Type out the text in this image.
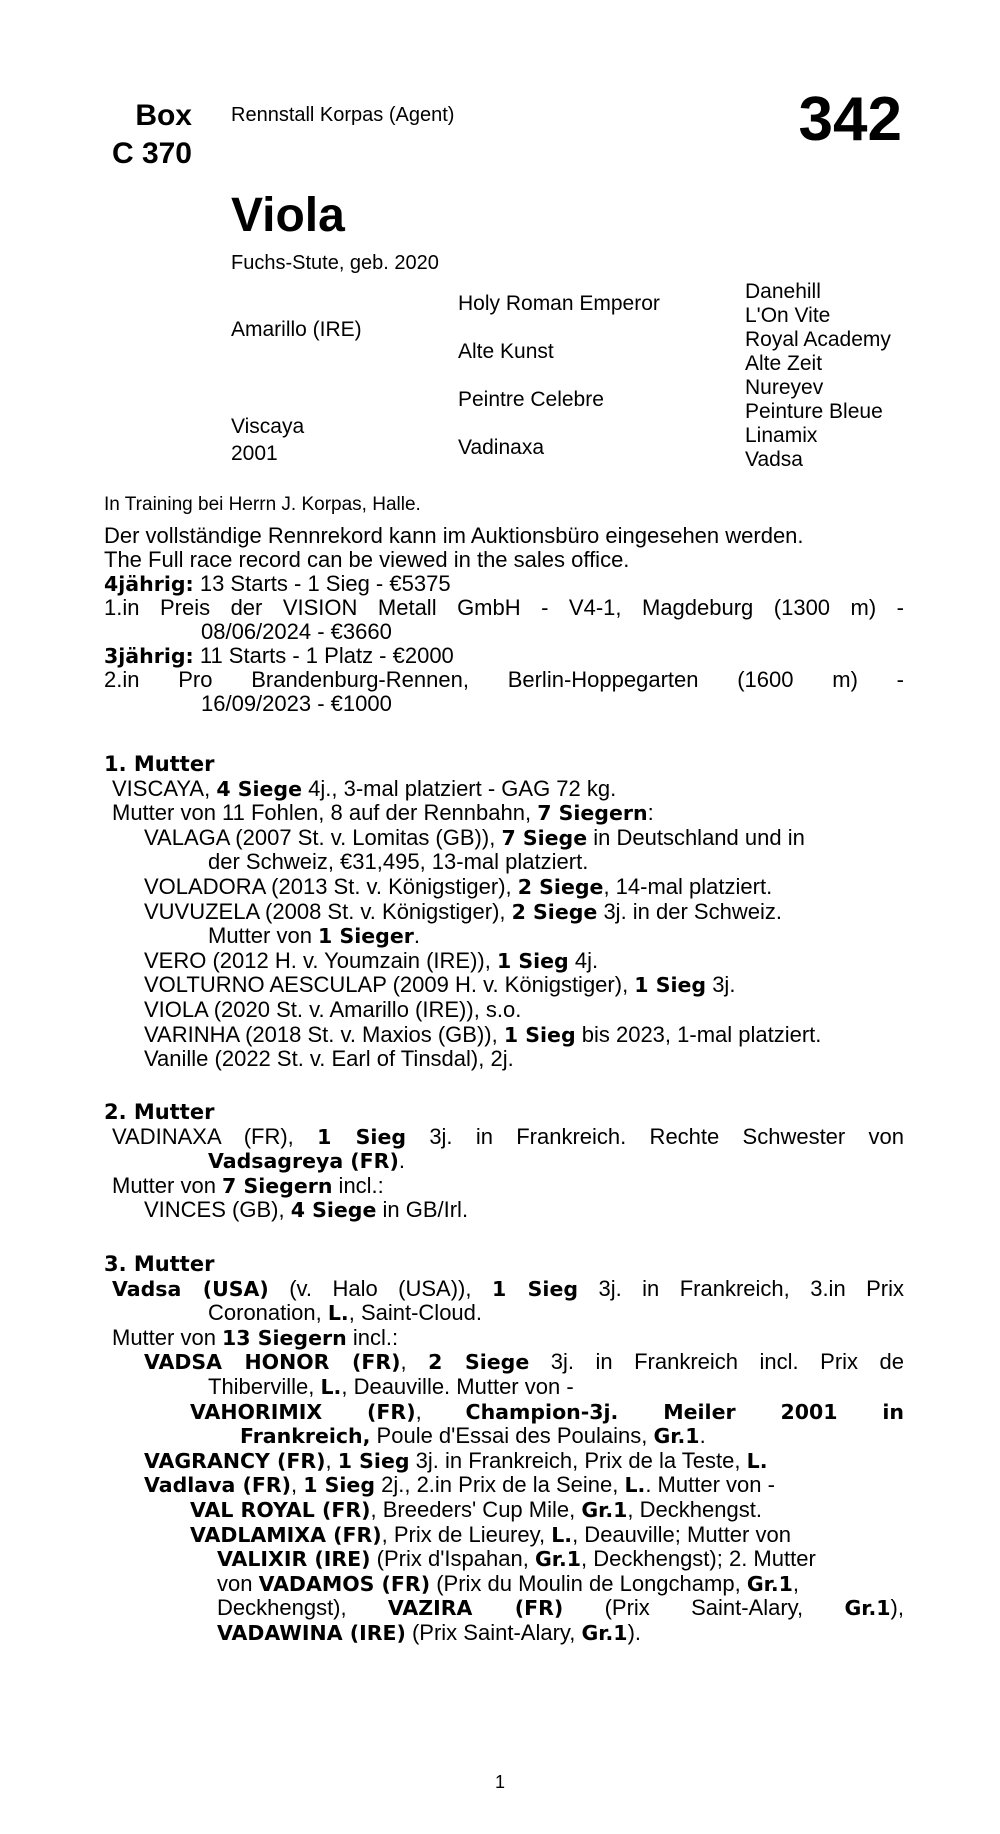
Box
C 370
Rennstall Korpas (Agent)	342
Viola
Fuchs-Stute, geb. 2020
Amarillo (IRE)
Viscaya
2001
Holy Roman Emperor
Alte Kunst
Peintre Celebre
Vadinaxa
Danehill
L'On Vite
Royal Academy
Alte Zeit
Nureyev
Peinture Bleue
Linamix
Vadsa
In Training bei Herrn J. Korpas, Halle.

Der vollständige Rennrekord kann im Auktionsbüro eingesehen werden.

The Full race record can be viewed in the sales office.

4jährig: 13 Starts - 1 Sieg - €5375

1.in Preis der VISION Metall GmbH - V4-1, Magdeburg (1300 m) -

08/06/2024 - €3660

3jährig: 11 Starts - 1 Platz - €2000

2.in Pro Brandenburg-Rennen, Berlin-Hoppegarten (1600 m) -

16/09/2023 - €1000

1. Mutter

VISCAYA, 4 Siege 4j., 3-mal platziert - GAG 72 kg.

Mutter von 11 Fohlen, 8 auf der Rennbahn, 7 Siegern:

VALAGA (2007 St. v. Lomitas (GB)), 7 Siege in Deutschland und in

der Schweiz, €31,495, 13-mal platziert.

VOLADORA (2013 St. v. Königstiger), 2 Siege, 14-mal platziert.

VUVUZELA (2008 St. v. Königstiger), 2 Siege 3j. in der Schweiz.

Mutter von 1 Sieger.

VERO (2012 H. v. Youmzain (IRE)), 1 Sieg 4j.

VOLTURNO AESCULAP (2009 H. v. Königstiger), 1 Sieg 3j.

VIOLA (2020 St. v. Amarillo (IRE)), s.o.

VARINHA (2018 St. v. Maxios (GB)), 1 Sieg bis 2023, 1-mal platziert.

Vanille (2022 St. v. Earl of Tinsdal), 2j.

2. Mutter

VADINAXA (FR), 1 Sieg 3j. in Frankreich. Rechte Schwester von

Vadsagreya (FR).

Mutter von 7 Siegern incl.:

VINCES (GB), 4 Siege in GB/Irl.

3. Mutter

Vadsa (USA) (v. Halo (USA)), 1 Sieg 3j. in Frankreich, 3.in Prix

Coronation, L., Saint-Cloud.

Mutter von 13 Siegern incl.:

VADSA HONOR (FR), 2 Siege 3j. in Frankreich incl. Prix de

Thiberville, L., Deauville. Mutter von -

VAHORIMIX (FR), Champion-3j. Meiler 2001 in

Frankreich, Poule d'Essai des Poulains, Gr.1.

VAGRANCY (FR), 1 Sieg 3j. in Frankreich, Prix de la Teste, L.

Vadlava (FR), 1 Sieg 2j., 2.in Prix de la Seine, L.. Mutter von -

VAL ROYAL (FR), Breeders' Cup Mile, Gr.1, Deckhengst.

VADLAMIXA (FR), Prix de Lieurey, L., Deauville; Mutter von

VALIXIR (IRE) (Prix d'Ispahan, Gr.1, Deckhengst); 2. Mutter

von VADAMOS (FR) (Prix du Moulin de Longchamp, Gr.1,

Deckhengst), VAZIRA (FR) (Prix Saint-Alary, Gr.1),

VADAWINA (IRE) (Prix Saint-Alary, Gr.1).

1
